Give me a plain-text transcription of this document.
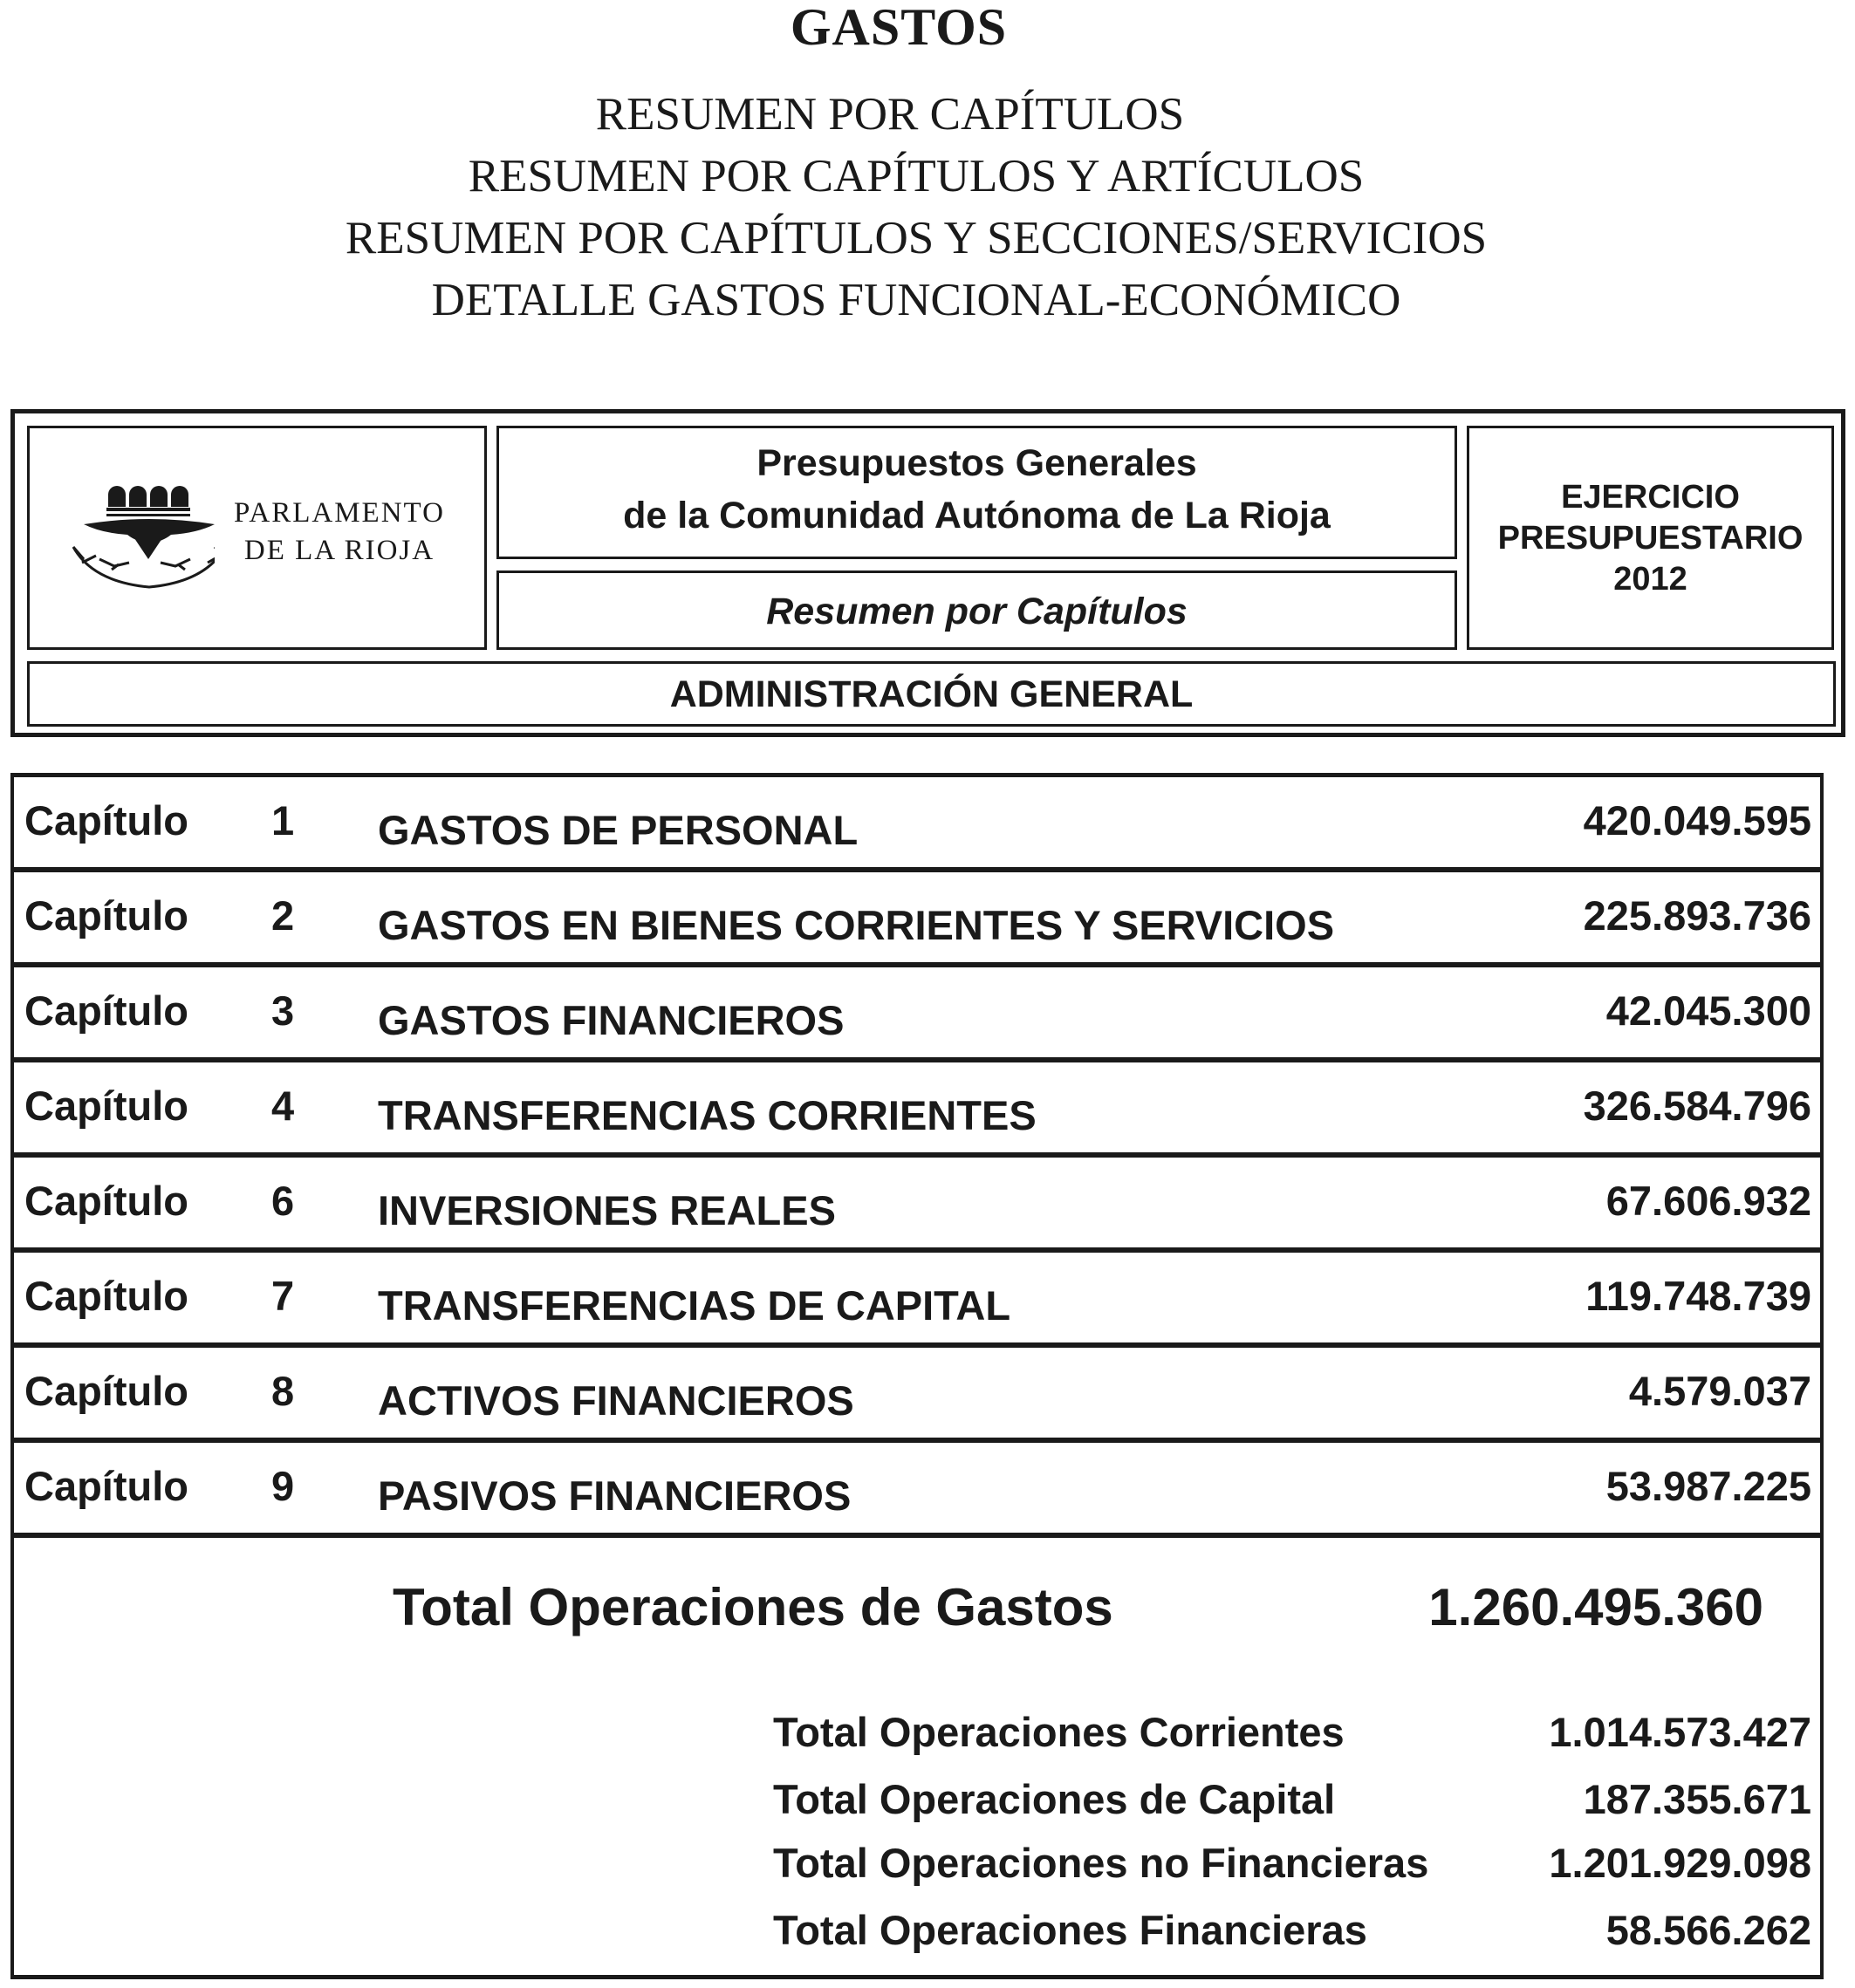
GASTOS
RESUMEN POR CAPÍTULOS
RESUMEN POR CAPÍTULOS Y ARTÍCULOS
RESUMEN POR CAPÍTULOS Y SECCIONES/SERVICIOS
DETALLE GASTOS FUNCIONAL-ECONÓMICO
PARLAMENTO
DE LA RIOJA
Presupuestos Generales
de la Comunidad Autónoma de La Rioja
Resumen por Capítulos
EJERCICIO
PRESUPUESTARIO
2012
ADMINISTRACIÓN GENERAL
Capítulo 1 GASTOS DE PERSONAL	420.049.595
Capítulo 2 GASTOS EN BIENES CORRIENTES Y SERVICIOS	225.893.736
Capítulo 3 GASTOS FINANCIEROS	42.045.300
Capítulo 4 TRANSFERENCIAS CORRIENTES	326.584.796
Capítulo 6 INVERSIONES REALES	67.606.932
Capítulo 7 TRANSFERENCIAS DE CAPITAL	119.748.739
Capítulo 8 ACTIVOS FINANCIEROS	4.579.037
Capítulo 9 PASIVOS FINANCIEROS	53.987.225
Total Operaciones de Gastos	1.260.495.360
Total Operaciones Corrientes	1.014.573.427
Total Operaciones de Capital	187.355.671
Total Operaciones no Financieras	1.201.929.098
Total Operaciones Financieras	58.566.262
